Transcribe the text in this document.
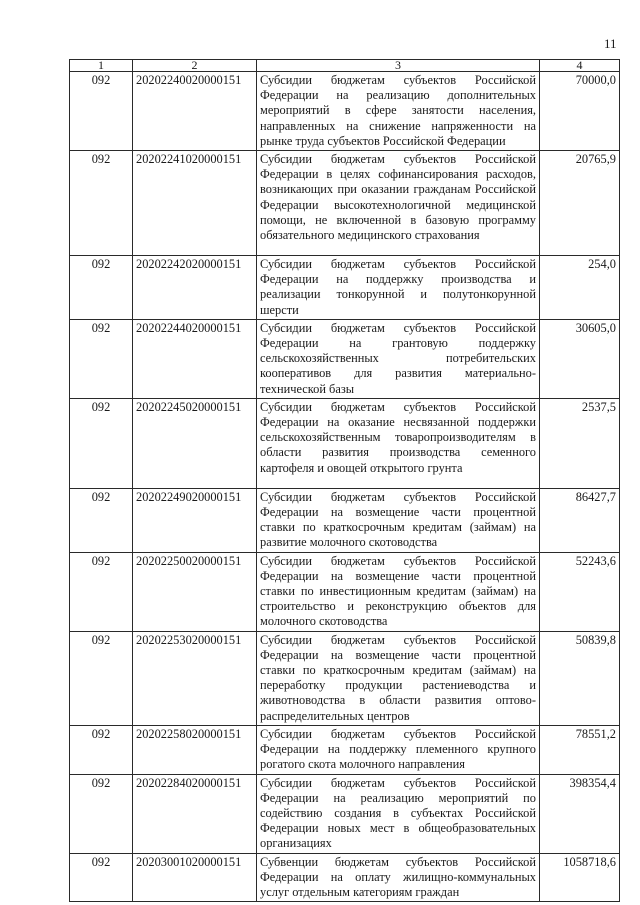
11
1	2	3	4
092	20202240020000151	Субсидии бюджетам субъектов Российской Федерации на реализацию дополнительных мероприятий в сфере занятости населения, направленных на снижение напряженности на рынке труда субъектов Российской Федерации	70000,0
092	20202241020000151	Субсидии бюджетам субъектов Российской Федерации в целях софинансирования расходов, возникающих при оказании гражданам Российской Федерации высокотехнологичной медицинской помощи, не включенной в базовую программу обязательного медицинского страхования	20765,9
092	20202242020000151	Субсидии бюджетам субъектов Российской Федерации на поддержку производства и реализации тонкорунной и полутонкорунной шерсти	254,0
092	20202244020000151	Субсидии бюджетам субъектов Российской Федерации на грантовую поддержку сельскохозяйственных потребительских кооперативов для развития материально-технической базы	30605,0
092	20202245020000151	Субсидии бюджетам субъектов Российской Федерации на оказание несвязанной поддержки сельскохозяйственным товаропроизводителям в области развития производства семенного картофеля и овощей открытого грунта	2537,5
092	20202249020000151	Субсидии бюджетам субъектов Российской Федерации на возмещение части процентной ставки по краткосрочным кредитам (займам) на развитие молочного скотоводства	86427,7
092	20202250020000151	Субсидии бюджетам субъектов Российской Федерации на возмещение части процентной ставки по инвестиционным кредитам (займам) на строительство и реконструкцию объектов для молочного скотоводства	52243,6
092	20202253020000151	Субсидии бюджетам субъектов Российской Федерации на возмещение части процентной ставки по краткосрочным кредитам (займам) на переработку продукции растениеводства и животноводства в области развития оптово-распределительных центров	50839,8
092	20202258020000151	Субсидии бюджетам субъектов Российской Федерации на поддержку племенного крупного рогатого скота молочного направления	78551,2
092	20202284020000151	Субсидии бюджетам субъектов Российской Федерации на реализацию мероприятий по содействию создания в субъектах Российской Федерации новых мест в общеобразовательных организациях	398354,4
092	20203001020000151	Субвенции бюджетам субъектов Российской Федерации на оплату жилищно-коммунальных услуг отдельным категориям граждан	1058718,6
